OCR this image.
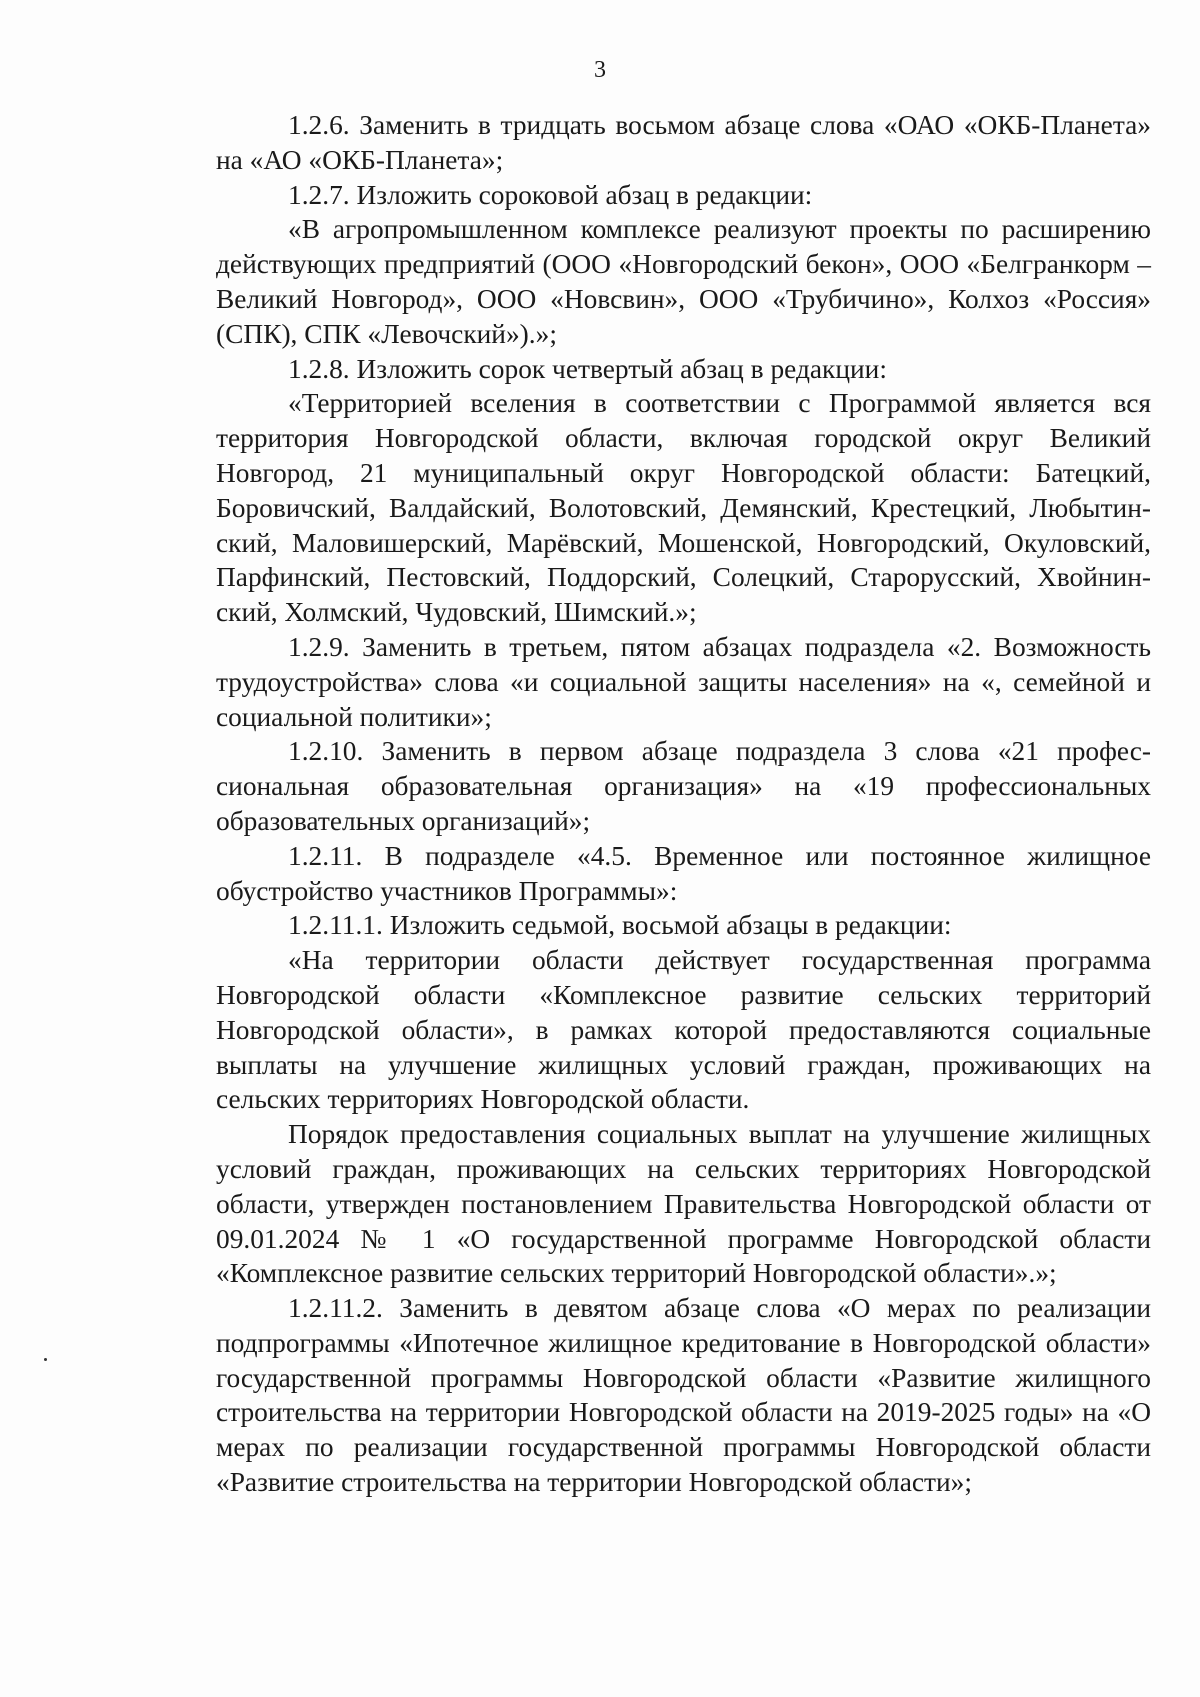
3

1.2.6. Заменить в тридцать восьмом абзаце слова «ОАО «ОКБ-Планета» на «АО «ОКБ-Планета»;

1.2.7. Изложить сороковой абзац в редакции:

«В агропромышленном комплексе реализуют проекты по расширению действующих предприятий (ООО «Новгородский бекон», ООО «Белгранкорм – Великий Новгород», ООО «Новсвин», ООО «Трубичино», Колхоз «Россия» (СПК), СПК «Левочский»).»;

1.2.8. Изложить сорок четвертый абзац в редакции:

«Территорией вселения в соответствии с Программой является вся территория Новгородской области, включая городской округ Великий Новгород, 21 муниципальный округ Новгородской области: Батецкий, Боровичский, Валдайский, Волотовский, Демянский, Крестецкий, Любытинский, Маловишерский, Марёвский, Мошенской, Новгородский, Окуловский, Парфинский, Пестовский, Поддорский, Солецкий, Старорусский, Хвойнинский, Холмский, Чудовский, Шимский.»;

1.2.9. Заменить в третьем, пятом абзацах подраздела «2. Возможность трудоустройства» слова «и социальной защиты населения» на «, семейной и социальной политики»;

1.2.10. Заменить в первом абзаце подраздела 3 слова «21 профессиональная образовательная организация» на «19 профессиональных образовательных организаций»;

1.2.11. В подразделе «4.5. Временное или постоянное жилищное обустройство участников Программы»:

1.2.11.1. Изложить седьмой, восьмой абзацы в редакции:

«На территории области действует государственная программа Новгородской области «Комплексное развитие сельских территорий Новгородской области», в рамках которой предоставляются социальные выплаты на улучшение жилищных условий граждан, проживающих на сельских территориях Новгородской области.

Порядок предоставления социальных выплат на улучшение жилищных условий граждан, проживающих на сельских территориях Новгородской области, утвержден постановлением Правительства Новгородской области от 09.01.2024 № 1 «О государственной программе Новгородской области «Комплексное развитие сельских территорий Новгородской области».»;

1.2.11.2. Заменить в девятом абзаце слова «О мерах по реализации подпрограммы «Ипотечное жилищное кредитование в Новгородской области» государственной программы Новгородской области «Развитие жилищного строительства на территории Новгородской области на 2019-2025 годы» на «О мерах по реализации государственной программы Новгородской области «Развитие строительства на территории Новгородской области»;
